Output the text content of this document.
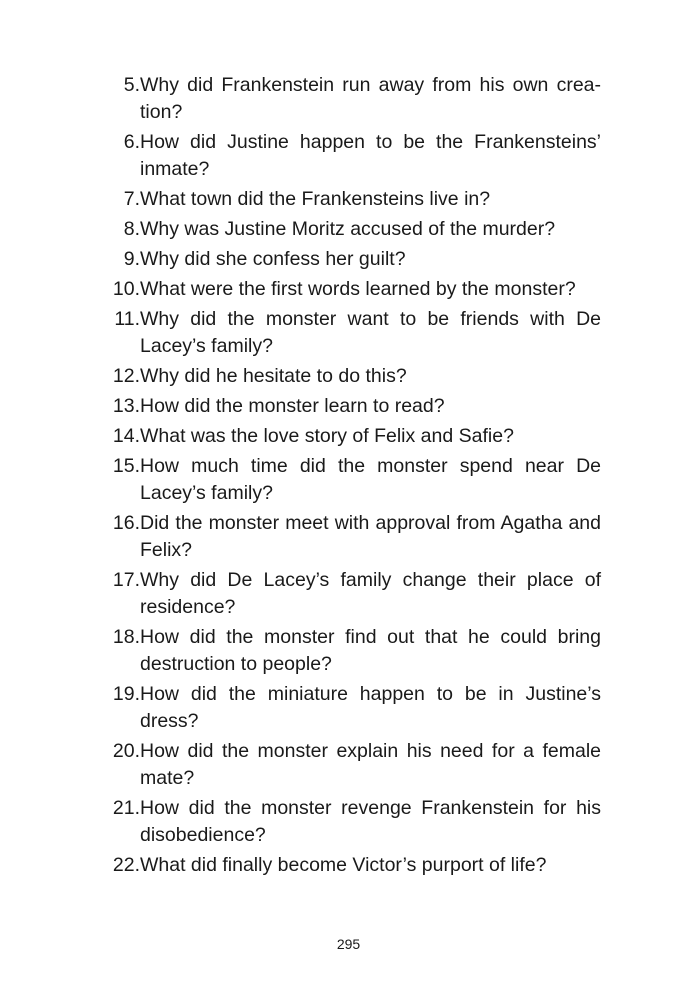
5. Why did Frankenstein run away from his own crea-tion?
6. How did Justine happen to be the Frankensteins’ inmate?
7. What town did the Frankensteins live in?
8. Why was Justine Moritz accused of the murder?
9. Why did she confess her guilt?
10. What were the first words learned by the monster?
11. Why did the monster want to be friends with De Lacey’s family?
12. Why did he hesitate to do this?
13. How did the monster learn to read?
14. What was the love story of Felix and Safie?
15. How much time did the monster spend near De Lacey’s family?
16. Did the monster meet with approval from Agatha and Felix?
17. Why did De Lacey’s family change their place of residence?
18. How did the monster find out that he could bring destruction to people?
19. How did the miniature happen to be in Justine’s dress?
20. How did the monster explain his need for a female mate?
21. How did the monster revenge Frankenstein for his disobedience?
22. What did finally become Victor’s purport of life?
295
